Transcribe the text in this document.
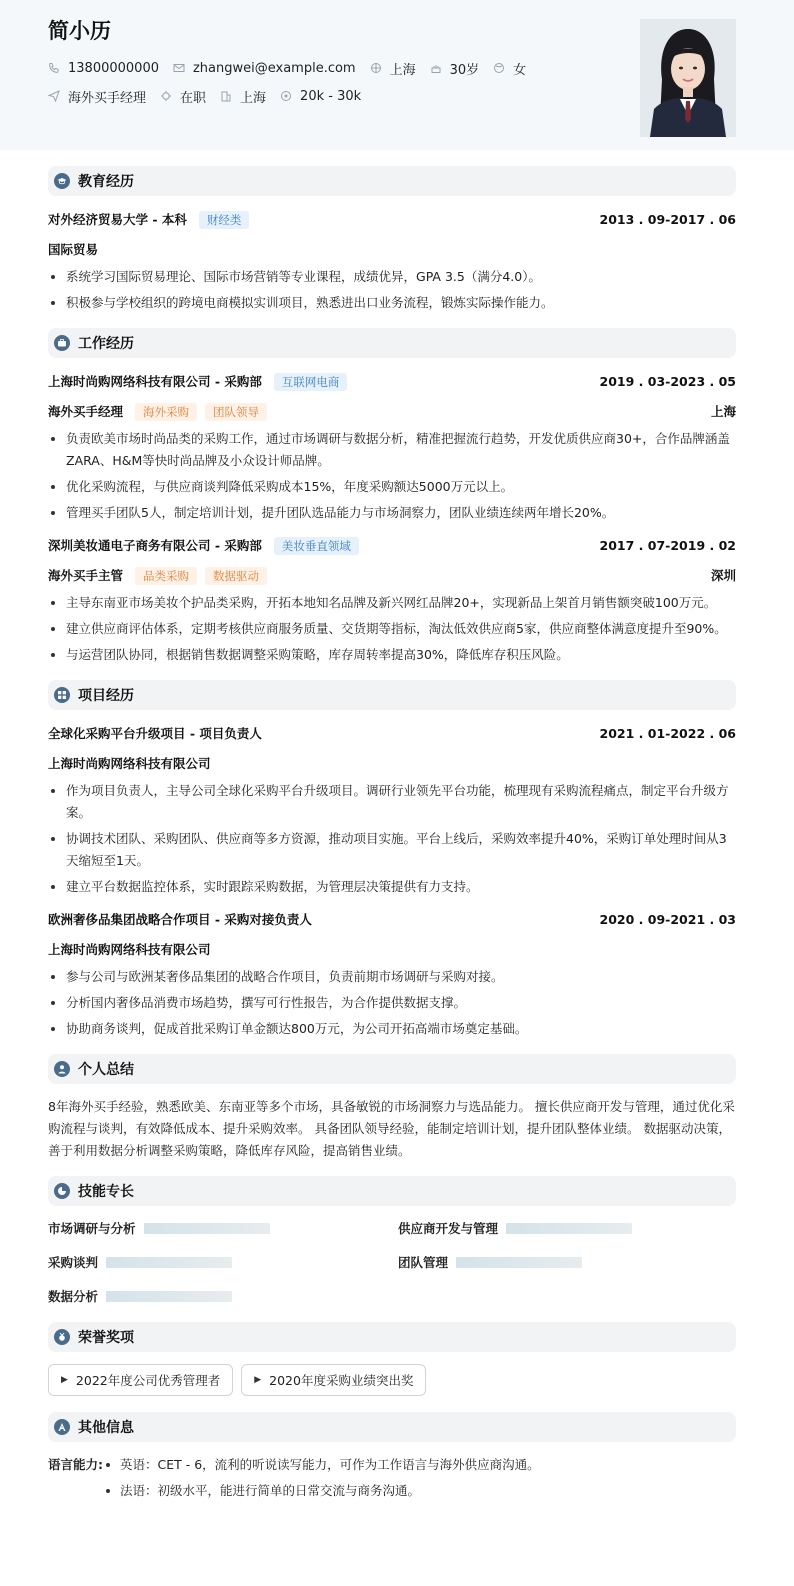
简小历
13800000000	zhangwei@example.com	上海	30岁	女
海外买手经理	在职	上海	20k - 30k
教育经历
对外经济贸易大学 - 本科 财经类	2013 . 09-2017 . 06
国际贸易
系统学习国际贸易理论、国际市场营销等专业课程，成绩优异，GPA 3.5（满分4.0）。
积极参与学校组织的跨境电商模拟实训项目，熟悉进出口业务流程，锻炼实际操作能力。
工作经历
上海时尚购网络科技有限公司 - 采购部 互联网电商	2019 . 03-2023 . 05
海外买手经理 海外采购 团队领导	上海
负责欧美市场时尚品类的采购工作，通过市场调研与数据分析，精准把握流行趋势，开发优质供应商30+，合作品牌涵盖ZARA、H&M等快时尚品牌及小众设计师品牌。
优化采购流程，与供应商谈判降低采购成本15%，年度采购额达5000万元以上。
管理买手团队5人，制定培训计划，提升团队选品能力与市场洞察力，团队业绩连续两年增长20%。
深圳美妆通电子商务有限公司 - 采购部 美妆垂直领域	2017 . 07-2019 . 02
海外买手主管 品类采购 数据驱动	深圳
主导东南亚市场美妆个护品类采购，开拓本地知名品牌及新兴网红品牌20+，实现新品上架首月销售额突破100万元。
建立供应商评估体系，定期考核供应商服务质量、交货期等指标，淘汰低效供应商5家，供应商整体满意度提升至90%。
与运营团队协同，根据销售数据调整采购策略，库存周转率提高30%，降低库存积压风险。
项目经历
全球化采购平台升级项目 - 项目负责人	2021 . 01-2022 . 06
上海时尚购网络科技有限公司
作为项目负责人，主导公司全球化采购平台升级项目。调研行业领先平台功能，梳理现有采购流程痛点，制定平台升级方案。
协调技术团队、采购团队、供应商等多方资源，推动项目实施。平台上线后，采购效率提升40%，采购订单处理时间从3天缩短至1天。
建立平台数据监控体系，实时跟踪采购数据，为管理层决策提供有力支持。
欧洲奢侈品集团战略合作项目 - 采购对接负责人	2020 . 09-2021 . 03
上海时尚购网络科技有限公司
参与公司与欧洲某奢侈品集团的战略合作项目，负责前期市场调研与采购对接。
分析国内奢侈品消费市场趋势，撰写可行性报告，为合作提供数据支撑。
协助商务谈判，促成首批采购订单金额达800万元，为公司开拓高端市场奠定基础。
个人总结
8年海外买手经验，熟悉欧美、东南亚等多个市场，具备敏锐的市场洞察力与选品能力。 擅长供应商开发与管理，通过优化采购流程与谈判，有效降低成本、提升采购效率。 具备团队领导经验，能制定培训计划，提升团队整体业绩。 数据驱动决策，善于利用数据分析调整采购策略，降低库存风险，提高销售业绩。
技能专长
市场调研与分析	供应商开发与管理
采购谈判	团队管理
数据分析
荣誉奖项
▶ 2022年度公司优秀管理者	▶ 2020年度采购业绩突出奖
其他信息
语言能力:	英语：CET - 6，流利的听说读写能力，可作为工作语言与海外供应商沟通。
法语：初级水平，能进行简单的日常交流与商务沟通。
